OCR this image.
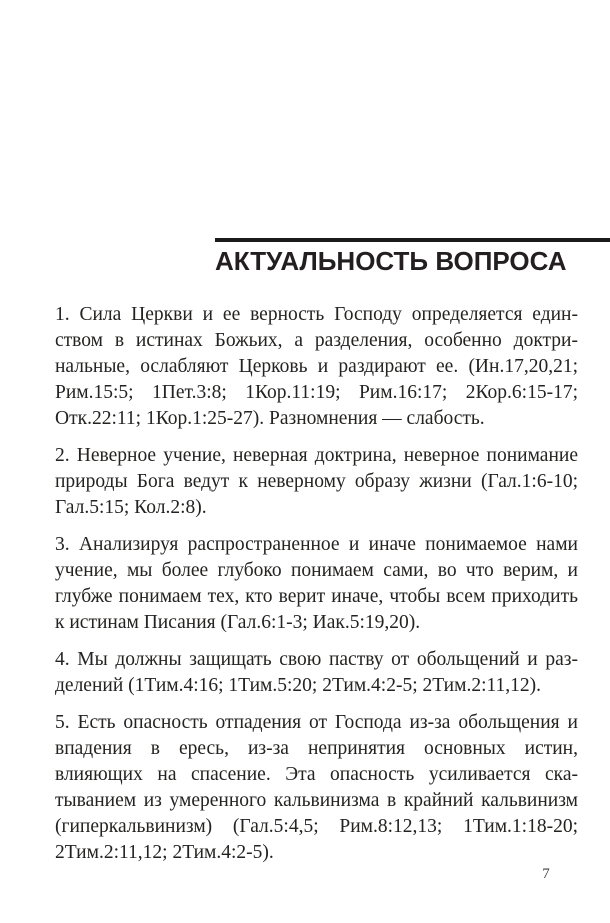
АКТУАЛЬНОСТЬ ВОПРОСА

1. Сила Церкви и ее верность Господу определяется единством в истинах Божьих, а разделения, особенно доктринальные, ослабляют Церковь и раздирают ее. (Ин.17,20,21; Рим.15:5; 1Пет.3:8; 1Кор.11:19; Рим.16:17; 2Кор.6:15-17; Отк.22:11; 1Кор.1:25-27). Разномнения — слабость.

2. Неверное учение, неверная доктрина, неверное понимание природы Бога ведут к неверному образу жизни (Гал.1:6-10; Гал.5:15; Кол.2:8).

3. Анализируя распространенное и иначе понимаемое нами учение, мы более глубоко понимаем сами, во что верим, и глубже понимаем тех, кто верит иначе, чтобы всем приходить к истинам Писания (Гал.6:1-3; Иак.5:19,20).

4. Мы должны защищать свою паству от обольщений и разделений (1Тим.4:16; 1Тим.5:20; 2Тим.4:2-5; 2Тим.2:11,12).

5. Есть опасность отпадения от Господа из-за обольщения и впадения в ересь, из-за непринятия основных истин, влияющих на спасение. Эта опасность усиливается скатыванием из умеренного кальвинизма в крайний кальвинизм (гиперкальвинизм) (Гал.5:4,5; Рим.8:12,13; 1Тим.1:18-20; 2Тим.2:11,12; 2Тим.4:2-5).

7
